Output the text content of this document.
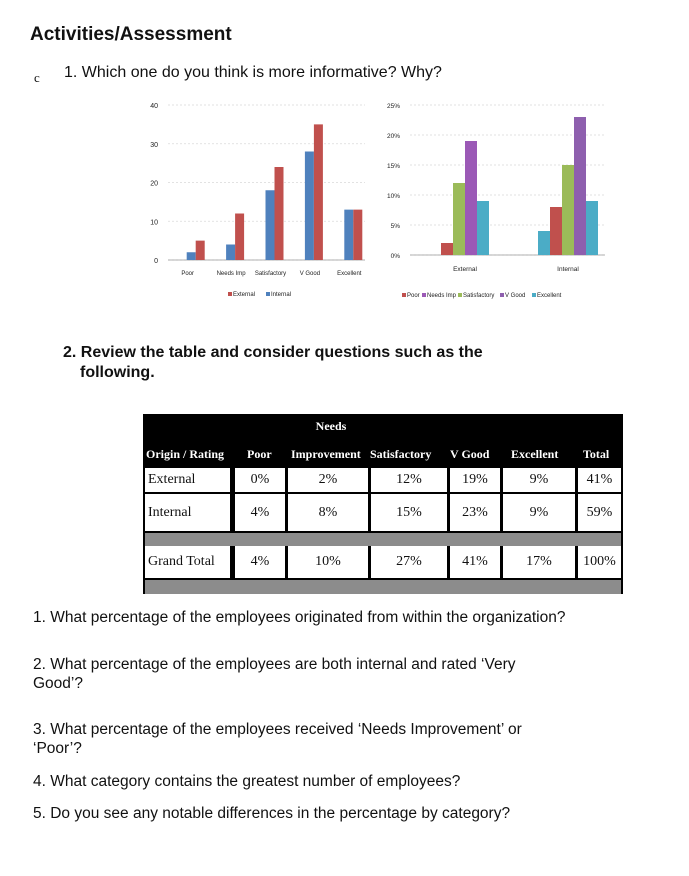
Activities/Assessment
c 1. Which one do you think is more informative? Why?
0
10
20
30
40
Poor	Needs Imp Satisfactory V Good	Excellent
External	Internal
0%
5%
10%
15%
20%
25%
External	Internal
Poor Needs Imp Satisfactory V Good Excellent
2. Review the table and consider questions such as the
following.
Needs
Origin / Rating Poor Improvement Satisfactory V Good Excellent Total
External	0%	2%	12%	19%	9%	41%
Internal	4%	8%	15%	23%	9%	59%
Grand Total	4%	10%	27%	41%	17%	100%
1. What percentage of the employees originated from within the organization?
2. What percentage of the employees are both internal and rated ‘Very
Good’?
3. What percentage of the employees received ‘Needs Improvement’ or
‘Poor’?
4. What category contains the greatest number of employees?
5. Do you see any notable differences in the percentage by category?
